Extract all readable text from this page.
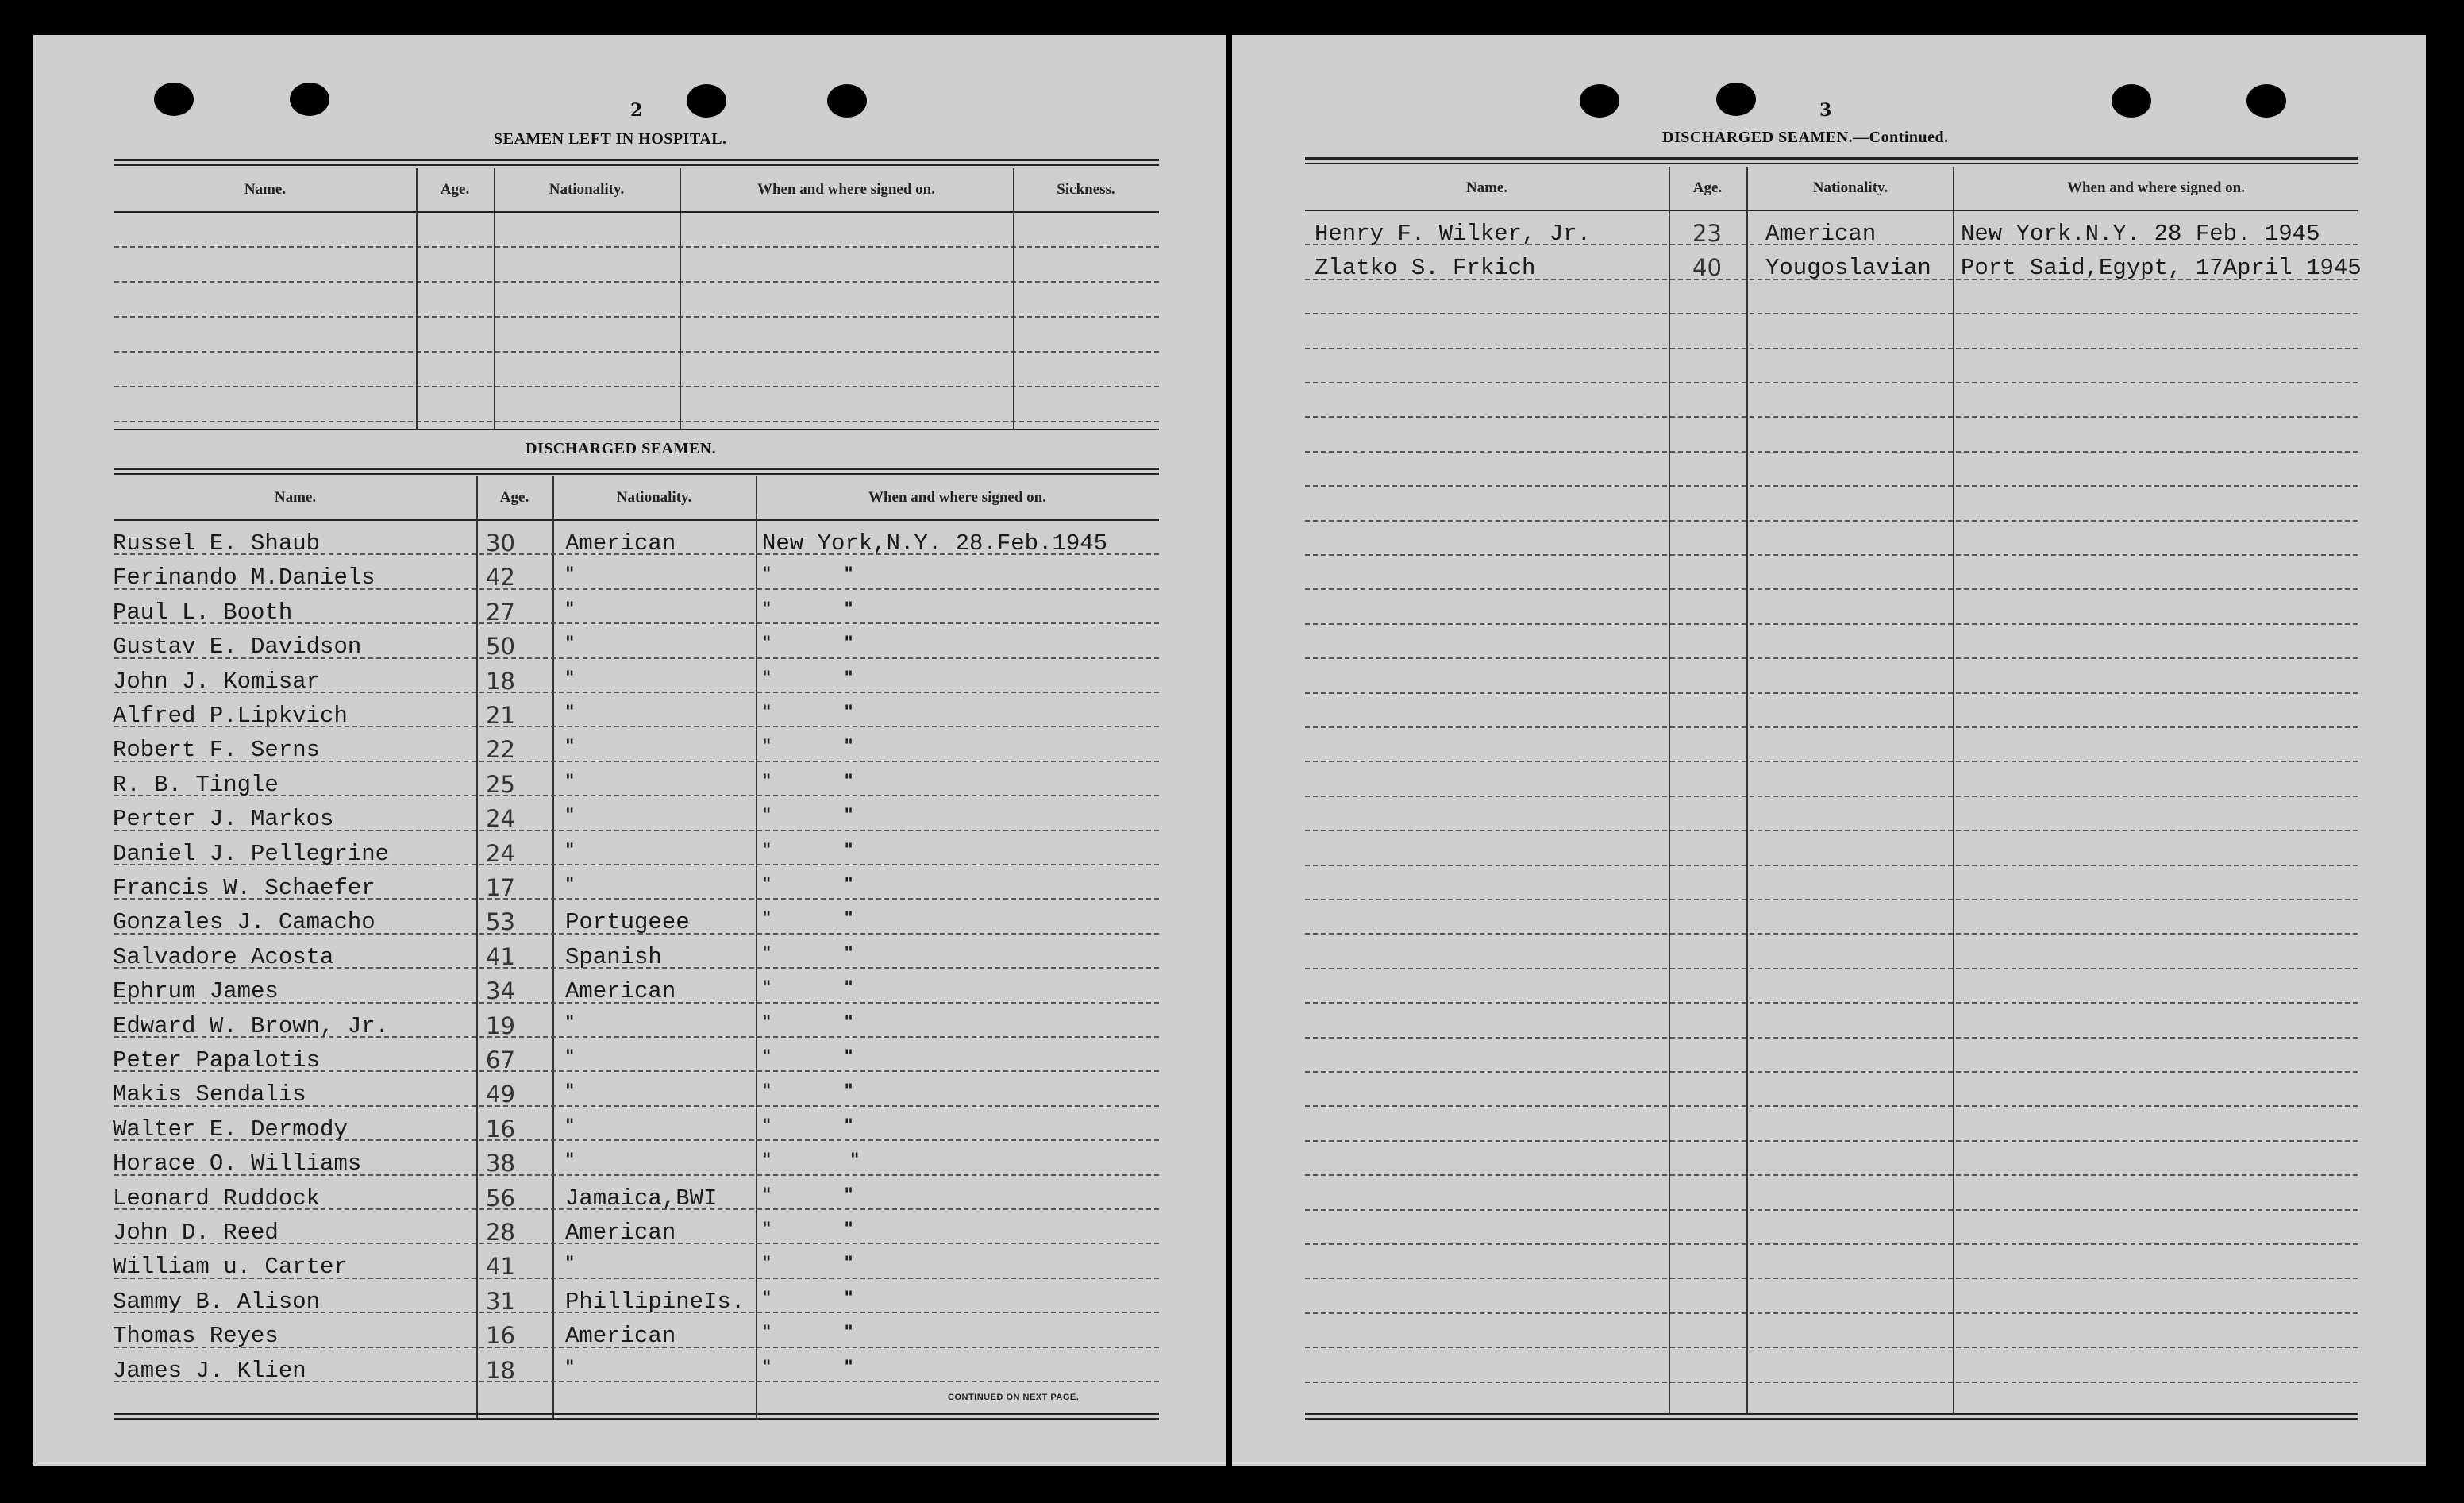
2
SEAMEN LEFT IN HOSPITAL.
Name.	Age.	Nationality.	When and where signed on.	Sickness.
DISCHARGED SEAMEN.
Name.	Age.	Nationality.	When and where signed on.
Russel E. Shaub	30 American	New York,N.Y. 28.Feb.1945
Ferinando M.Daniels	42	"	"            "
Paul L. Booth	27	"	"            "
Gustav E. Davidson	50	"	"            "
John J. Komisar	18	"	"            "
Alfred P.Lipkvich	21	"	"            "
Robert F. Serns	22	"	"            "
R. B. Tingle	25	"	"            "
Perter J. Markos	24	"	"            "
Daniel J. Pellegrine	24	"	"            "
Francis W. Schaefer	17	"	"            "
Gonzales J. Camacho	53 Portugeee	"            "
Salvadore Acosta	41 Spanish	"            "
Ephrum James	34 American	"            "
Edward W. Brown, Jr.	19	"	"            "
Peter Papalotis	67	"	"            "
Makis Sendalis	49	"	"            "
Walter E. Dermody	16	"	"            "
Horace O. Williams	38	"	"             "
Leonard Ruddock	56 Jamaica,BWI	"            "
John D. Reed	28 American	"            "
William u. Carter	41	"	"            "
Sammy B. Alison	31 PhillipineIs. "            "
Thomas Reyes	16 American	"            "
James J. Klien	18	"	"            "
CONTINUED ON NEXT PAGE.
3
DISCHARGED SEAMEN.—Continued.
Name.	Age.	Nationality.	When and where signed on.
Henry F. Wilker, Jr.	23 American	New York.N.Y. 28 Feb. 1945
Zlatko S. Frkich	40 Yougoslavian Port Said,Egypt, 17April 1945
